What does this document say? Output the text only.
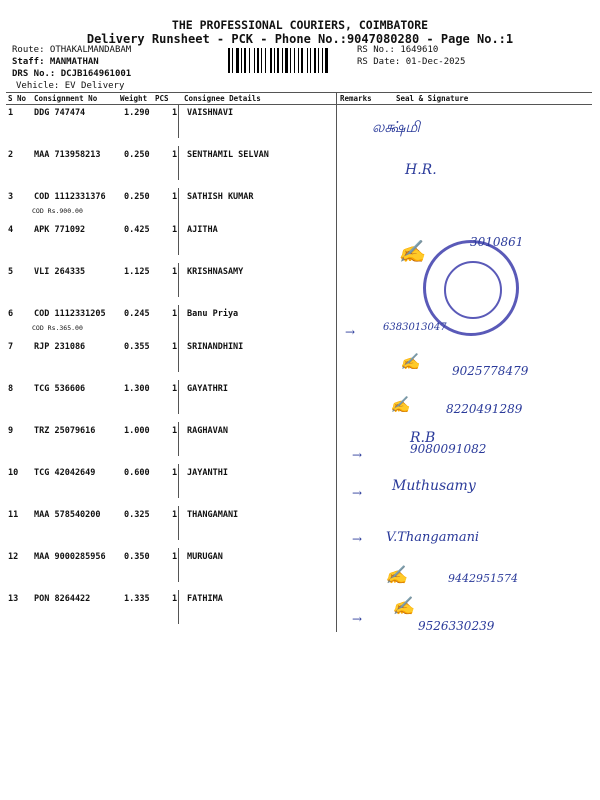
THE PROFESSIONAL COURIERS, COIMBATORE
Delivery Runsheet - PCK - Phone No.:9047080280 - Page No.:1
Route: OTHAKALMANDABAM
Staff: MANMATHAN
DRS No.: DCJB164961001
Vehicle: EV Delivery
RS No.: 1649610
RS Date: 01-Dec-2025
S No Consignment No	Weight PCS Consignee Details	Remarks	Seal & Signature
1 DDG 747474	1.290	1 VAISHNAVI
2 MAA 713958213	0.250	1 SENTHAMIL SELVAN
3 COD 1112331376 0.250	1 SATHISH KUMAR
COD Rs.900.00
4 APK 771092	0.425	1 AJITHA
5 VLI 264335	1.125	1 KRISHNASAMY
6 COD 1112331205 0.245	1 Banu Priya
COD Rs.365.00
7 RJP 231086	0.355	1 SRINANDHINI
8 TCG 536606	1.300	1 GAYATHRI
9 TRZ 25079616	1.000	1 RAGHAVAN
10 TCG 42042649	0.600	1 JAYANTHI
11 MAA 578540200	0.325	1 THANGAMANI
12 MAA 9000285956 0.350	1 MURUGAN
13 PON 8264422	1.335	1 FATHIMA
லக்ஷ்மி
H.R.
✍	3010861
→	6383013047
✍	9025778479
✍	8220491289
→
R.B
9080091082
→ Muthusamy
→ V.Thangamani
✍	9442951574
→
✍
9526330239
